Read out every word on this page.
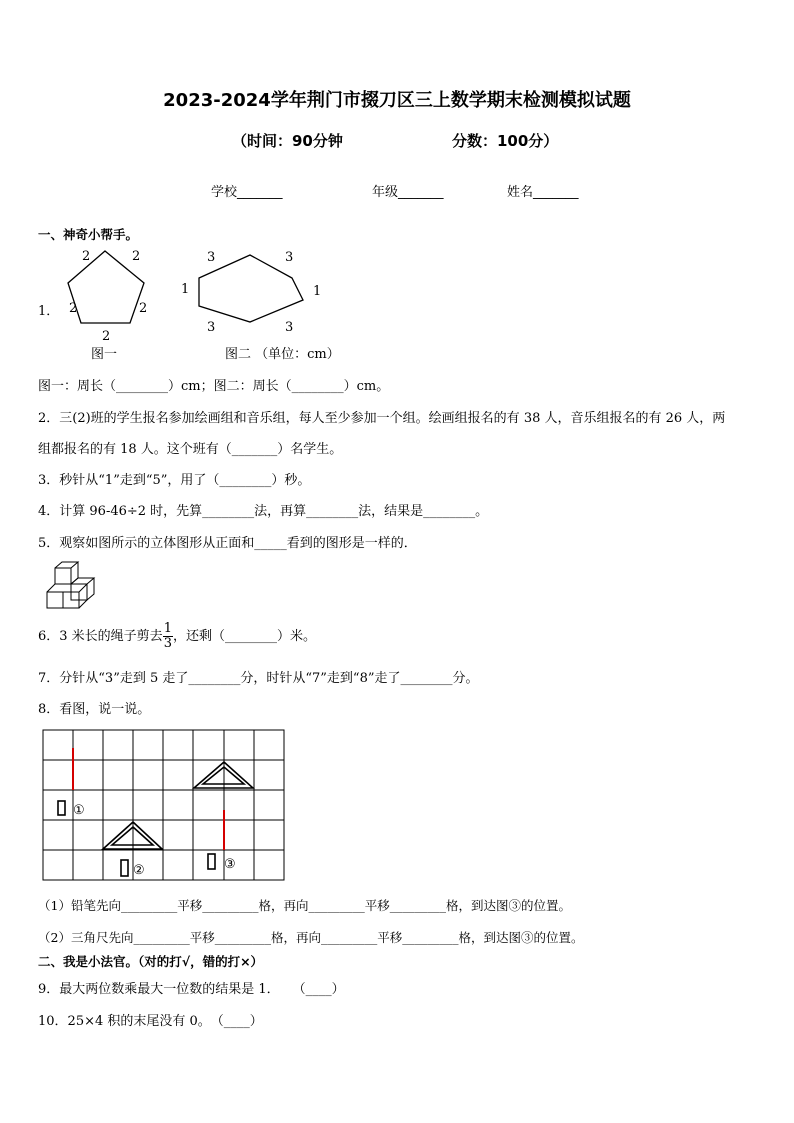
2023-2024学年荆门市掇刀区三上数学期末检测模拟试题
（时间：90分钟	分数：100分）
学校_______	年级_______	姓名_______
一、神奇小帮手。
1．
2	2
2	2
2
3	3
1	1
3	3
图一	图二 （单位：cm）
图一：周长（________）cm；图二：周长（________）cm。
2．三(2)班的学生报名参加绘画组和音乐组，每人至少参加一个组。绘画组报名的有 38 人，音乐组报名的有 26 人，两
组都报名的有 18 人。这个班有（_______）名学生。
3．秒针从“1”走到“5”，用了（________）秒。
4．计算 96-46÷2 时，先算________法，再算________法，结果是________。
5．观察如图所示的立体图形从正面和_____看到的图形是一样的．
6．3 米长的绳子剪去 $\frac{1}{3}$ ，还剩（________）米。
7．分针从“3”走到 5 走了________分，时针从“7”走到“8”走了________分。
8．看图，说一说。
①
②	③
（1）铅笔先向_________平移_________格，再向_________平移_________格，到达图③的位置。
（2）三角尺先向_________平移_________格，再向_________平移_________格，到达图③的位置。
二、我是小法官。（对的打√，错的打×）
9．最大两位数乘最大一位数的结果是 1．　　（____）
10．25×4 积的末尾没有 0。　（____）
